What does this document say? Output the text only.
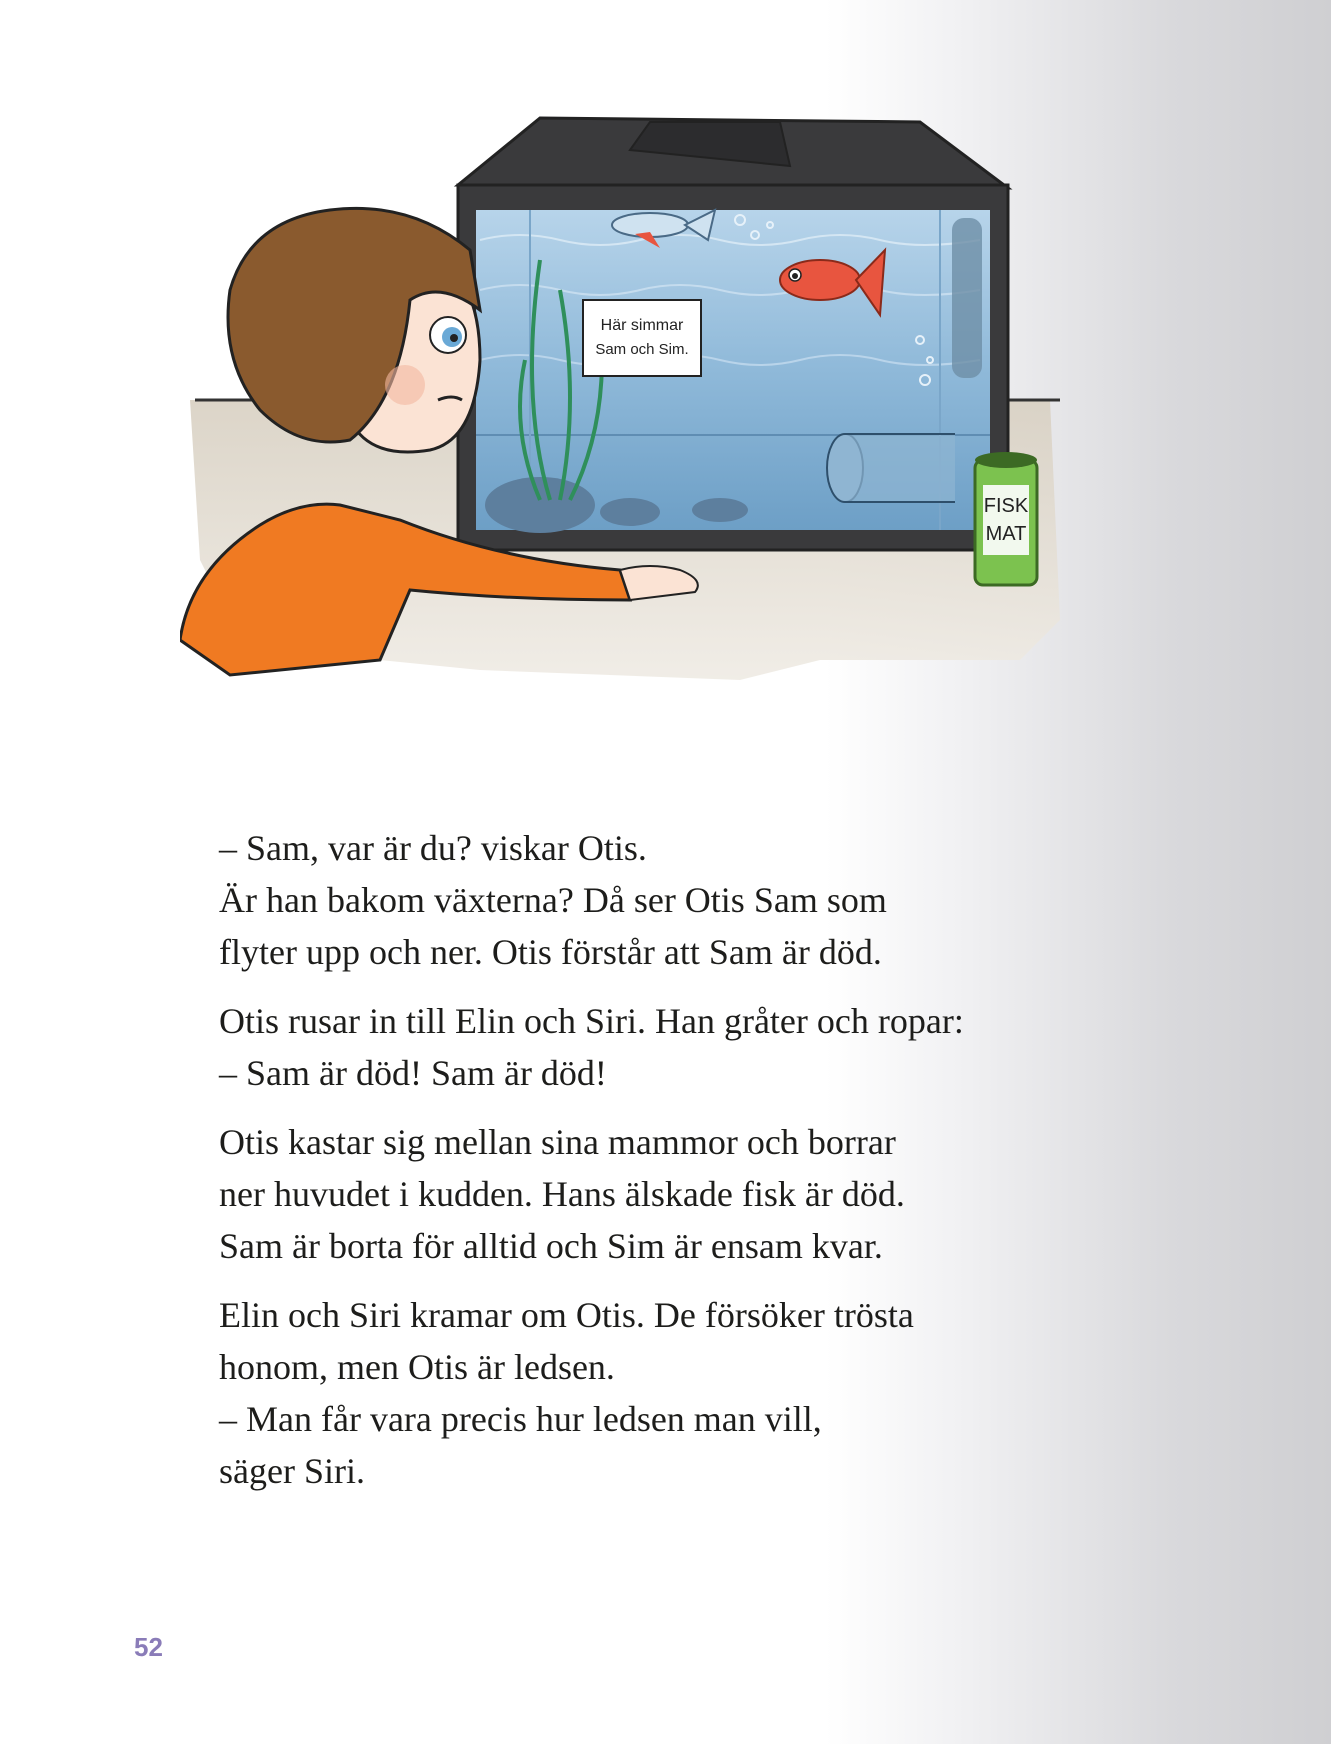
Här simmar
Sam och Sim.
FISK
MAT

– Sam, var är du? viskar Otis.
Är han bakom växterna? Då ser Otis Sam som
flyter upp och ner. Otis förstår att Sam är död.

Otis rusar in till Elin och Siri. Han gråter och ropar:
– Sam är död! Sam är död!

Otis kastar sig mellan sina mammor och borrar
ner huvudet i kudden. Hans älskade fisk är död.
Sam är borta för alltid och Sim är ensam kvar.

Elin och Siri kramar om Otis. De försöker trösta
honom, men Otis är ledsen.
– Man får vara precis hur ledsen man vill,
säger Siri.

52
